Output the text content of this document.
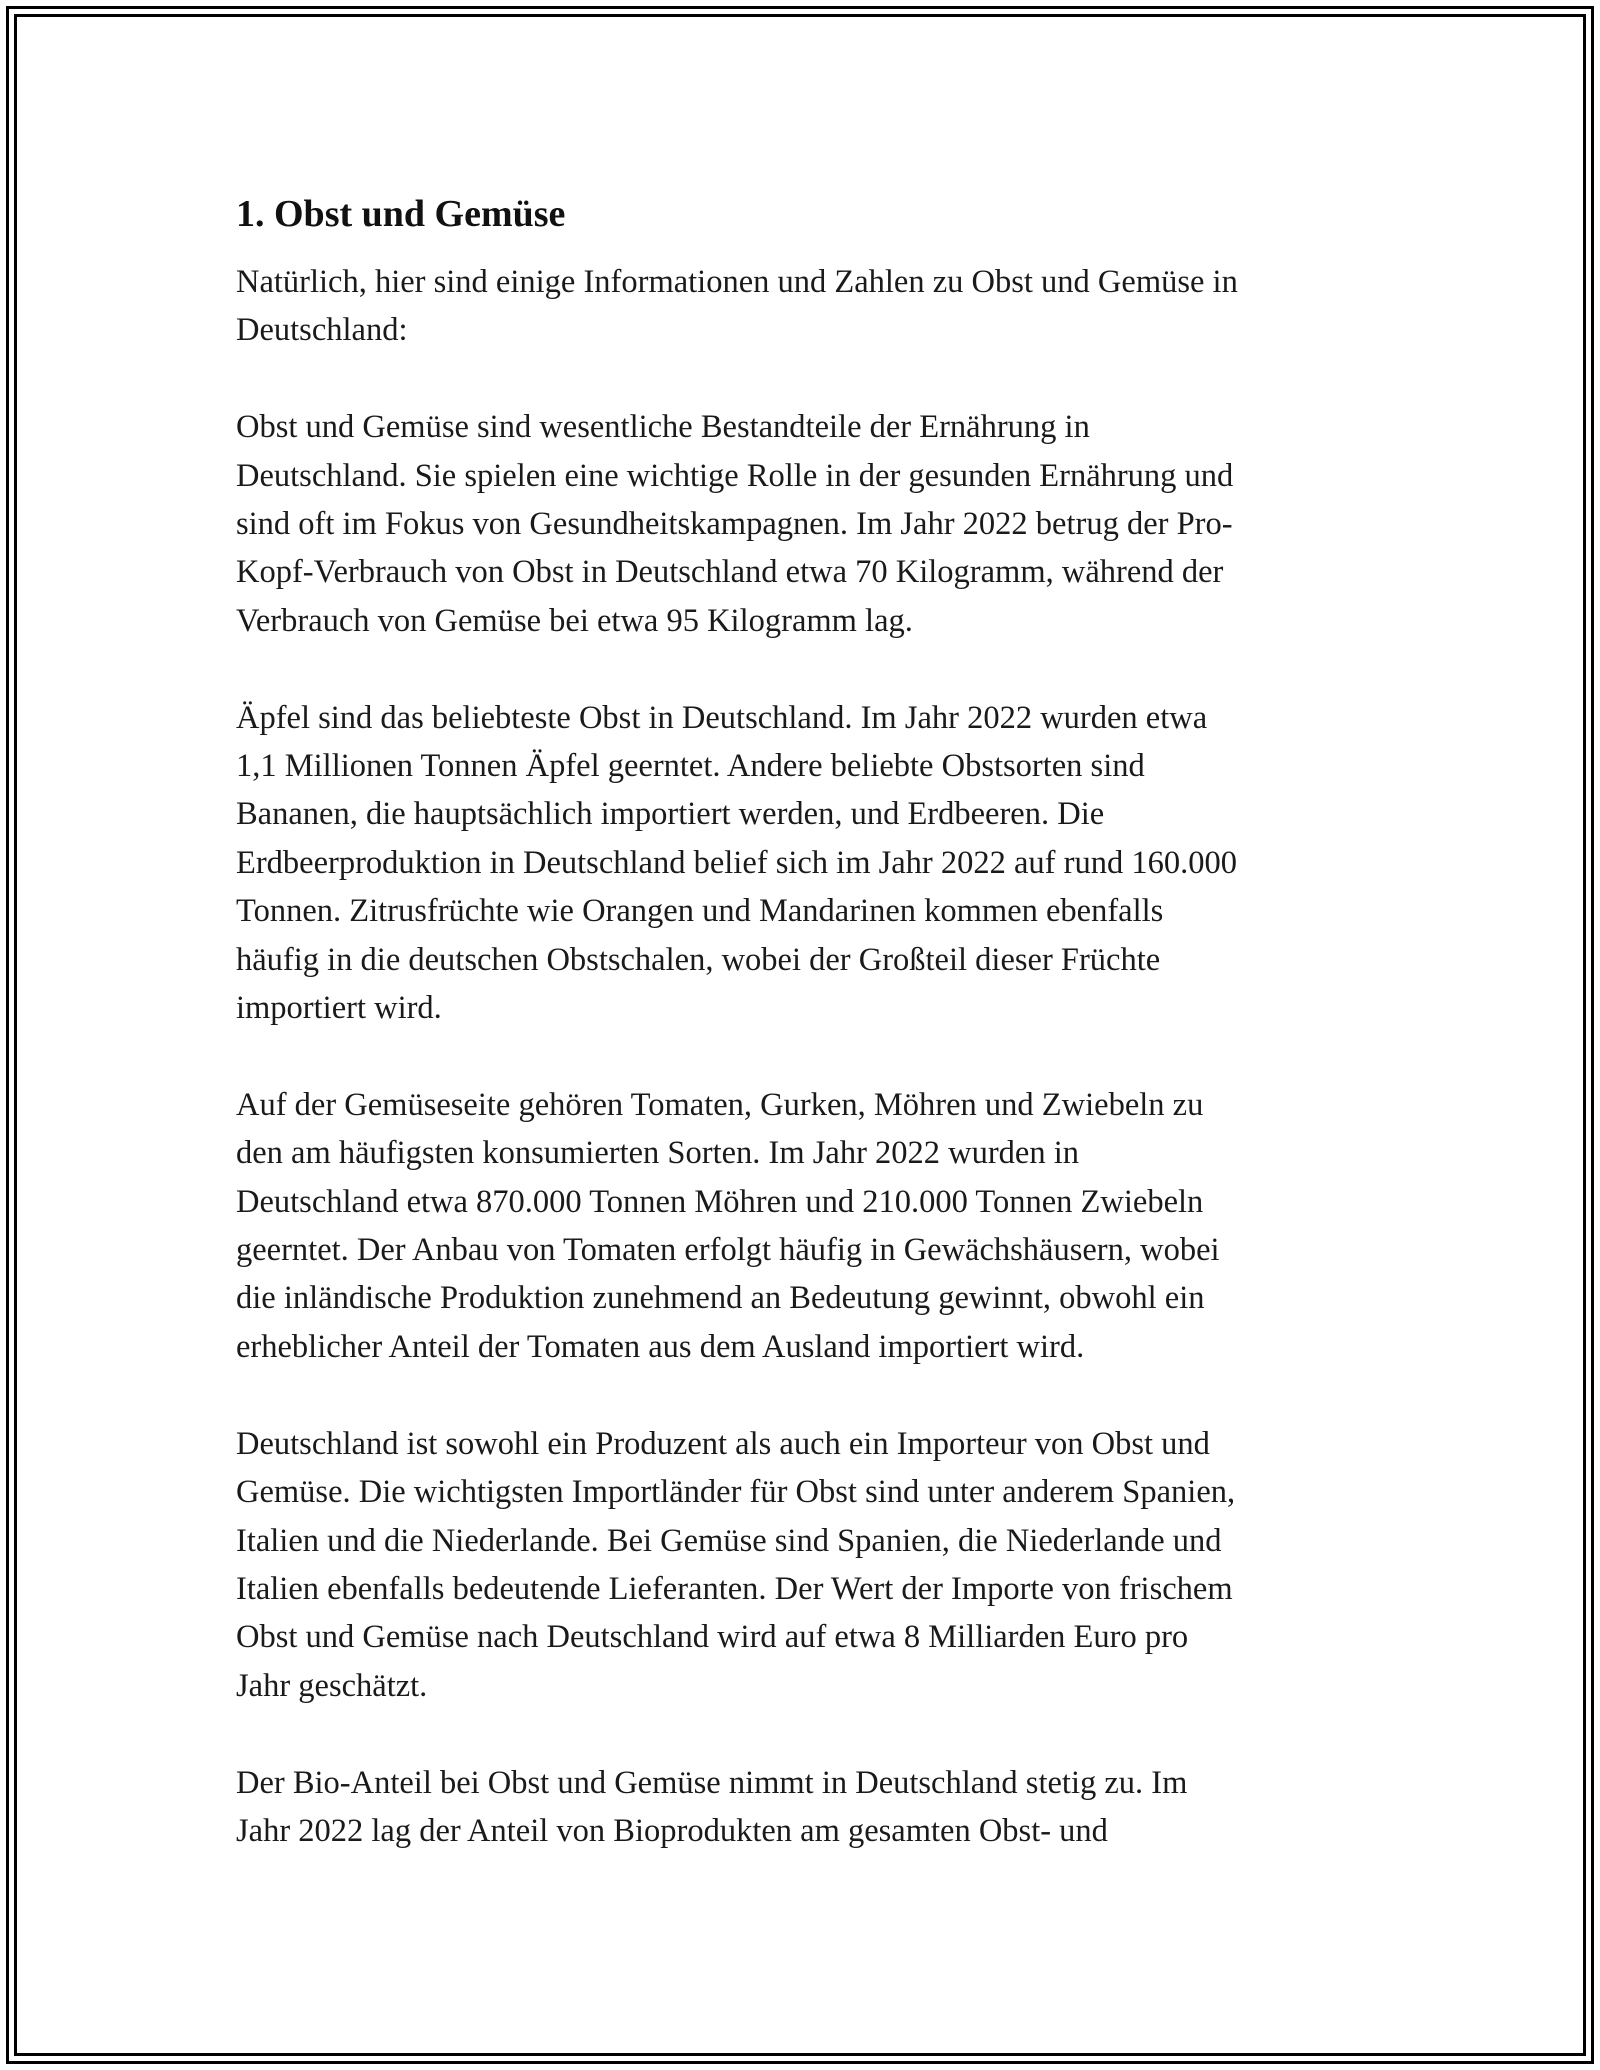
1. Obst und Gemüse
Natürlich, hier sind einige Informationen und Zahlen zu Obst und Gemüse in
Deutschland:
Obst und Gemüse sind wesentliche Bestandteile der Ernährung in
Deutschland. Sie spielen eine wichtige Rolle in der gesunden Ernährung und
sind oft im Fokus von Gesundheitskampagnen. Im Jahr 2022 betrug der Pro-
Kopf-Verbrauch von Obst in Deutschland etwa 70 Kilogramm, während der
Verbrauch von Gemüse bei etwa 95 Kilogramm lag.
Äpfel sind das beliebteste Obst in Deutschland. Im Jahr 2022 wurden etwa
1,1 Millionen Tonnen Äpfel geerntet. Andere beliebte Obstsorten sind
Bananen, die hauptsächlich importiert werden, und Erdbeeren. Die
Erdbeerproduktion in Deutschland belief sich im Jahr 2022 auf rund 160.000
Tonnen. Zitrusfrüchte wie Orangen und Mandarinen kommen ebenfalls
häufig in die deutschen Obstschalen, wobei der Großteil dieser Früchte
importiert wird.
Auf der Gemüseseite gehören Tomaten, Gurken, Möhren und Zwiebeln zu
den am häufigsten konsumierten Sorten. Im Jahr 2022 wurden in
Deutschland etwa 870.000 Tonnen Möhren und 210.000 Tonnen Zwiebeln
geerntet. Der Anbau von Tomaten erfolgt häufig in Gewächshäusern, wobei
die inländische Produktion zunehmend an Bedeutung gewinnt, obwohl ein
erheblicher Anteil der Tomaten aus dem Ausland importiert wird.
Deutschland ist sowohl ein Produzent als auch ein Importeur von Obst und
Gemüse. Die wichtigsten Importländer für Obst sind unter anderem Spanien,
Italien und die Niederlande. Bei Gemüse sind Spanien, die Niederlande und
Italien ebenfalls bedeutende Lieferanten. Der Wert der Importe von frischem
Obst und Gemüse nach Deutschland wird auf etwa 8 Milliarden Euro pro
Jahr geschätzt.
Der Bio-Anteil bei Obst und Gemüse nimmt in Deutschland stetig zu. Im
Jahr 2022 lag der Anteil von Bioprodukten am gesamten Obst- und
